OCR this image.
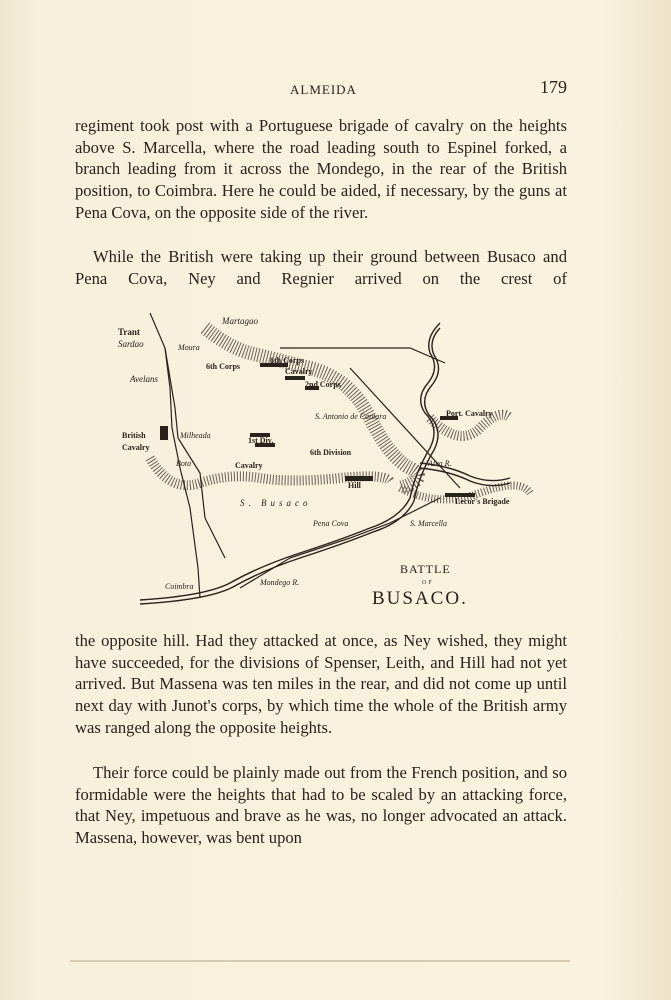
ALMEIDA	179

regiment took post with a Portuguese brigade of cavalry on the heights above S. Marcella, where the road leading south to Espinel forked, a branch leading from it across the Mondego, in the rear of the British position, to Coimbra. Here he could be aided, if necessary, by the guns at Pena Cova, on the opposite side of the river.

While the British were taking up their ground between Busaco and Pena Cova, Ney and Regnier arrived on the crest of

Trant
Sardao
Martagao
Moura
Avelans
6th Corps
8th Corps
Cavalry
2nd Corps
S. Antonio de Cantara	Port. Cavalry
British
Cavalry
Milheada
1st Div.
6th Division
Cavalry
Bota
Hill
Alva R.
Lecor's Brigade
S. Busaco
S. Marcella
Pena Cova
Coimbra	Mondego R.
BATTLE
OF
BUSACO.

the opposite hill. Had they attacked at once, as Ney wished, they might have succeeded, for the divisions of Spenser, Leith, and Hill had not yet arrived. But Massena was ten miles in the rear, and did not come up until next day with Junot's corps, by which time the whole of the British army was ranged along the opposite heights.

Their force could be plainly made out from the French position, and so formidable were the heights that had to be scaled by an attacking force, that Ney, impetuous and brave as he was, no longer advocated an attack. Massena, however, was bent upon
